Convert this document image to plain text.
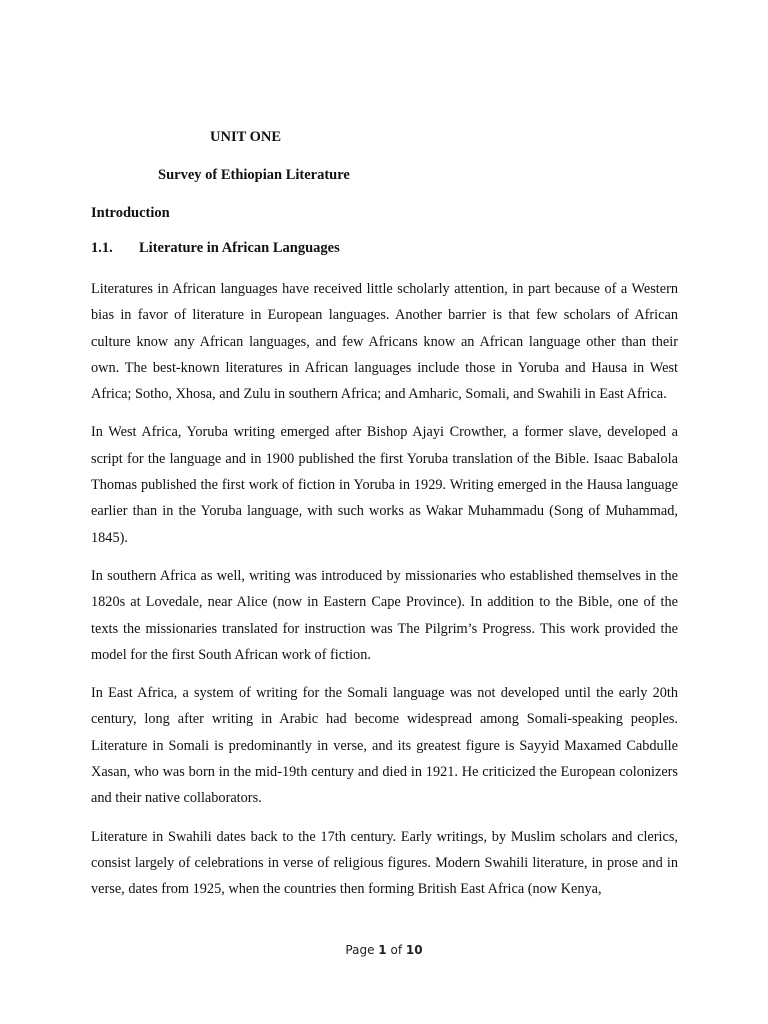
UNIT ONE
Survey of Ethiopian Literature
Introduction
1.1. Literature in African Languages

Literatures in African languages have received little scholarly attention, in part because of a Western bias in favor of literature in European languages. Another barrier is that few scholars of African culture know any African languages, and few Africans know an African language other than their own. The best-known literatures in African languages include those in Yoruba and Hausa in West Africa; Sotho, Xhosa, and Zulu in southern Africa; and Amharic, Somali, and Swahili in East Africa.

In West Africa, Yoruba writing emerged after Bishop Ajayi Crowther, a former slave, developed a script for the language and in 1900 published the first Yoruba translation of the Bible. Isaac Babalola Thomas published the first work of fiction in Yoruba in 1929. Writing emerged in the Hausa language earlier than in the Yoruba language, with such works as Wakar Muhammadu (Song of Muhammad, 1845).

In southern Africa as well, writing was introduced by missionaries who established themselves in the 1820s at Lovedale, near Alice (now in Eastern Cape Province). In addition to the Bible, one of the texts the missionaries translated for instruction was The Pilgrim’s Progress. This work provided the model for the first South African work of fiction.

In East Africa, a system of writing for the Somali language was not developed until the early 20th century, long after writing in Arabic had become widespread among Somali-speaking peoples. Literature in Somali is predominantly in verse, and its greatest figure is Sayyid Maxamed Cabdulle Xasan, who was born in the mid-19th century and died in 1921. He criticized the European colonizers and their native collaborators.

Literature in Swahili dates back to the 17th century. Early writings, by Muslim scholars and clerics, consist largely of celebrations in verse of religious figures. Modern Swahili literature, in prose and in verse, dates from 1925, when the countries then forming British East Africa (now Kenya,

Page 1 of 10
